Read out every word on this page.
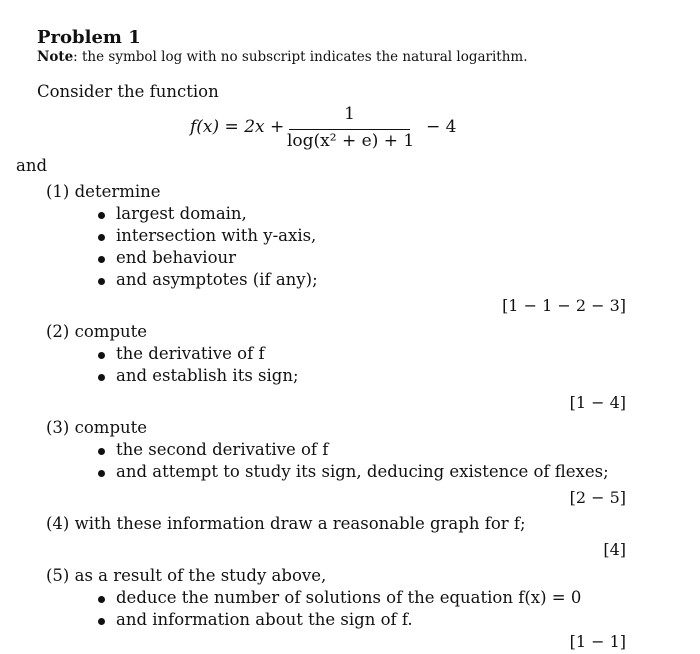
Problem 1
Note: the symbol log with no subscript indicates the natural logarithm.
Consider the function
f(x) = 2x +
1
log(x² + e) + 1
− 4
and
(1) determine
largest domain,
intersection with y-axis,
end behaviour
and asymptotes (if any);
[1 − 1 − 2 − 3]
(2) compute
the derivative of f
and establish its sign;
[1 − 4]
(3) compute
the second derivative of f
and attempt to study its sign, deducing existence of flexes;
[2 − 5]
(4) with these information draw a reasonable graph for f;
[4]
(5) as a result of the study above,
deduce the number of solutions of the equation f(x) = 0
and information about the sign of f.
[1 − 1]
